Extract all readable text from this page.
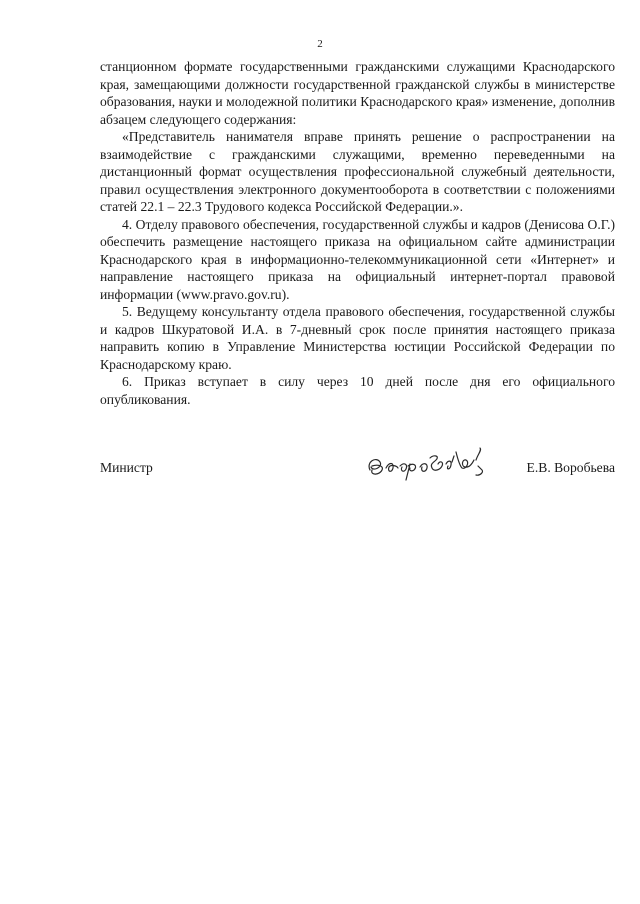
2

станционном формате государственными гражданскими служащими Краснодарского края, замещающими должности государственной гражданской службы в министерстве образования, науки и молодежной политики Краснодарского края» изменение, дополнив абзацем следующего содержания:

«Представитель нанимателя вправе принять решение о распространении на взаимодействие с гражданскими служащими, временно переведенными на дистанционный формат осуществления профессиональной служебный деятельности, правил осуществления электронного документооборота в соответствии с положениями статей 22.1 – 22.3 Трудового кодекса Российской Федерации.».

4. Отделу правового обеспечения, государственной службы и кадров (Денисова О.Г.) обеспечить размещение настоящего приказа на официальном сайте администрации Краснодарского края в информационно-телекоммуникационной сети «Интернет» и направление настоящего приказа на официальный интернет-портал правовой информации (www.pravo.gov.ru).

5. Ведущему консультанту отдела правового обеспечения, государственной службы и кадров Шкуратовой И.А. в 7-дневный срок после принятия настоящего приказа направить копию в Управление Министерства юстиции Российской Федерации по Краснодарскому краю.

6. Приказ вступает в силу через 10 дней после дня его официального опубликования.

Министр	Е.В. Воробьева
